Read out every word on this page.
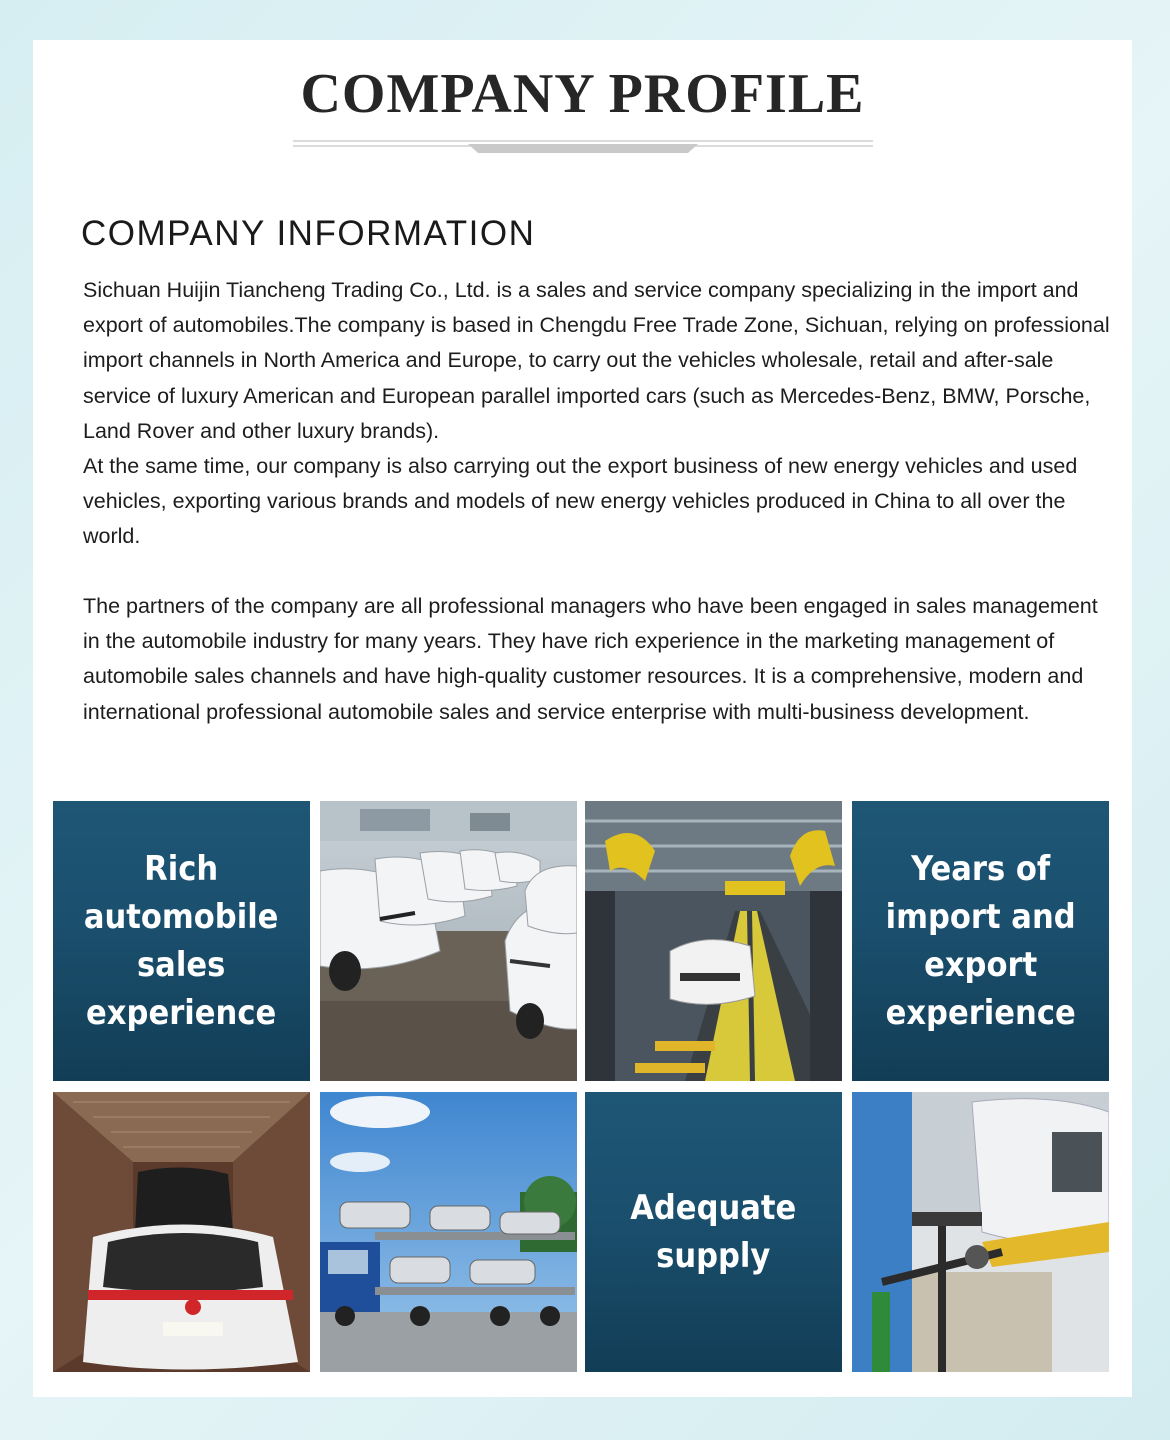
COMPANY PROFILE
COMPANY INFORMATION
Sichuan Huijin Tiancheng Trading Co., Ltd. is a sales and service company specializing in the import and export of automobiles.The company is based in Chengdu Free Trade Zone, Sichuan, relying on professional import channels in North America and Europe, to carry out the vehicles wholesale, retail and after-sale service of luxury American and European parallel imported cars (such as Mercedes-Benz, BMW, Porsche, Land Rover and other luxury brands).
At the same time, our company is also carrying out the export business of new energy vehicles and used vehicles, exporting various brands and models of new energy vehicles produced in China to all over the world.
The partners of the company are all professional managers who have been engaged in sales management in the automobile industry for many years. They have rich experience in the marketing management of automobile sales channels and have high-quality customer resources. It is a comprehensive, modern and international professional automobile sales and service enterprise with multi-business development.
Rich
automobile
sales
experience
Years of
import and
export
experience
Adequate
supply
